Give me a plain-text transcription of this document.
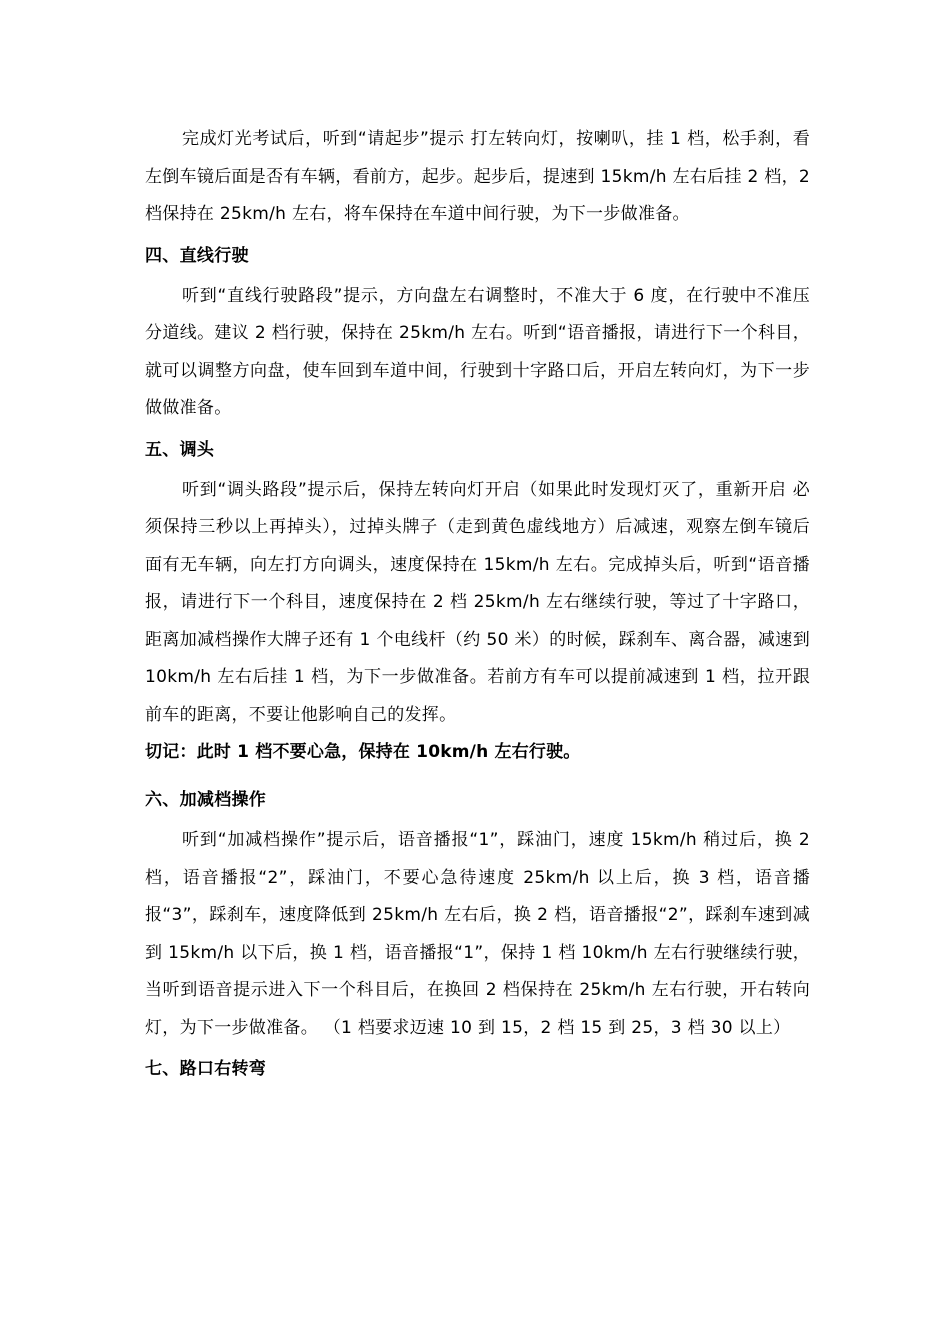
完成灯光考试后，听到“请起步”提示 打左转向灯，按喇叭，挂 1 档，松手刹，看左倒车镜后面是否有车辆，看前方，起步。起步后，提速到 15km/h 左右后挂 2 档，2 档保持在 25km/h 左右，将车保持在车道中间行驶，为下一步做准备。

四、直线行驶

听到“直线行驶路段”提示，方向盘左右调整时，不准大于 6 度，在行驶中不准压分道线。建议 2 档行驶，保持在 25km/h 左右。听到“语音播报，请进行下一个科目，就可以调整方向盘，使车回到车道中间，行驶到十字路口后，开启左转向灯，为下一步做做准备。

五、调头

听到“调头路段”提示后，保持左转向灯开启（如果此时发现灯灭了，重新开启 必须保持三秒以上再掉头），过掉头牌子（走到黄色虚线地方）后减速，观察左倒车镜后面有无车辆，向左打方向调头，速度保持在 15km/h 左右。完成掉头后，听到“语音播报，请进行下一个科目，速度保持在 2 档 25km/h 左右继续行驶，等过了十字路口，距离加减档操作大牌子还有 1 个电线杆（约 50 米）的时候，踩刹车、离合器，减速到 10km/h 左右后挂 1 档，为下一步做准备。若前方有车可以提前减速到 1 档，拉开跟前车的距离，不要让他影响自己的发挥。

切记：此时 1 档不要心急，保持在 10km/h 左右行驶。

六、加减档操作

听到“加减档操作”提示后，语音播报“1”，踩油门，速度 15km/h 稍过后，换 2 档，语音播报“2”，踩油门，不要心急待速度 25km/h 以上后，换 3 档，语音播报“3”，踩刹车，速度降低到 25km/h 左右后，换 2 档，语音播报“2”，踩刹车速到减到 15km/h 以下后，换 1 档，语音播报“1”，保持 1 档 10km/h 左右行驶继续行驶，当听到语音提示进入下一个科目后，在换回 2 档保持在 25km/h 左右行驶，开右转向灯，为下一步做准备。 （1 档要求迈速 10 到 15，2 档 15 到 25，3 档 30 以上）

七、路口右转弯
